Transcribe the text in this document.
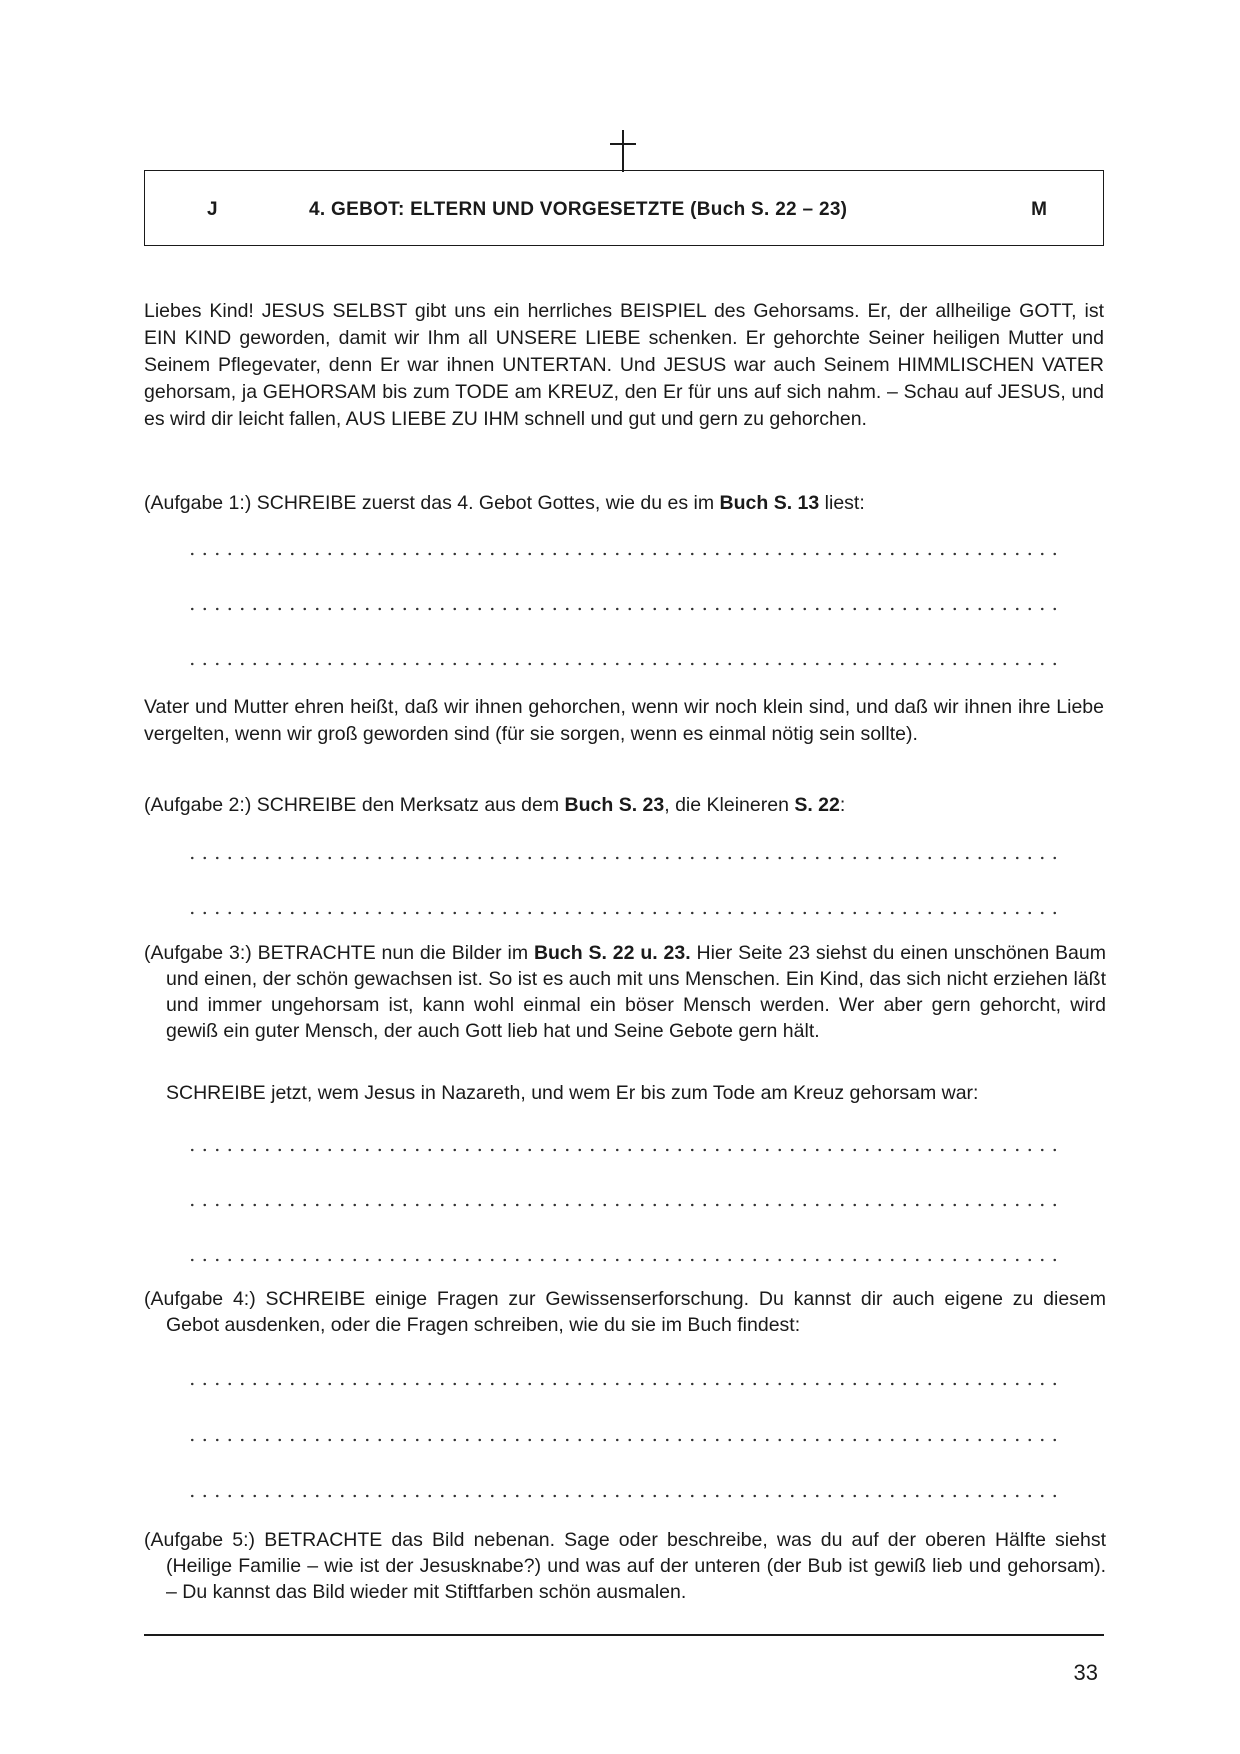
J	4. GEBOT: ELTERN UND VORGESETZTE (Buch S. 22 – 23)	M
Liebes Kind! JESUS SELBST gibt uns ein herrliches BEISPIEL des Gehorsams. Er, der allheilige GOTT, ist EIN KIND geworden, damit wir Ihm all UNSERE LIEBE schenken. Er gehorchte Seiner heiligen Mutter und Seinem Pflegevater, denn Er war ihnen UNTERTAN. Und JESUS war auch Seinem HIMMLISCHEN VATER gehorsam, ja GEHORSAM bis zum TODE am KREUZ, den Er für uns auf sich nahm. – Schau auf JESUS, und es wird dir leicht fallen, AUS LIEBE ZU IHM schnell und gut und gern zu gehorchen.
(Aufgabe 1:) SCHREIBE zuerst das 4. Gebot Gottes, wie du es im Buch S. 13 liest:
Vater und Mutter ehren heißt, daß wir ihnen gehorchen, wenn wir noch klein sind, und daß wir ihnen ihre Liebe vergelten, wenn wir groß geworden sind (für sie sorgen, wenn es einmal nötig sein sollte).
(Aufgabe 2:) SCHREIBE den Merksatz aus dem Buch S. 23, die Kleineren S. 22:
(Aufgabe 3:) BETRACHTE nun die Bilder im Buch S. 22 u. 23. Hier Seite 23 siehst du einen unschönen Baum und einen, der schön gewachsen ist. So ist es auch mit uns Menschen. Ein Kind, das sich nicht erziehen läßt und immer ungehorsam ist, kann wohl einmal ein böser Mensch werden. Wer aber gern gehorcht, wird gewiß ein guter Mensch, der auch Gott lieb hat und Seine Gebote gern hält.
SCHREIBE jetzt, wem Jesus in Nazareth, und wem Er bis zum Tode am Kreuz gehorsam war:
(Aufgabe 4:) SCHREIBE einige Fragen zur Gewissenserforschung. Du kannst dir auch eigene zu diesem Gebot ausdenken, oder die Fragen schreiben, wie du sie im Buch findest:
(Aufgabe 5:) BETRACHTE das Bild nebenan. Sage oder beschreibe, was du auf der oberen Hälfte siehst (Heilige Familie – wie ist der Jesusknabe?) und was auf der unteren (der Bub ist gewiß lieb und gehorsam). – Du kannst das Bild wieder mit Stiftfarben schön ausmalen.
33
